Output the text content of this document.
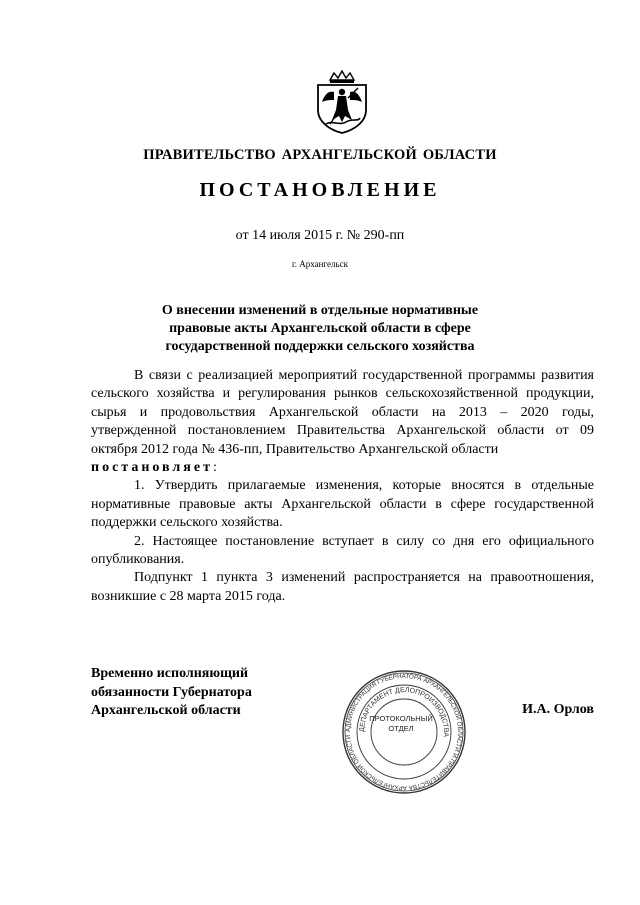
ПРАВИТЕЛЬСТВО АРХАНГЕЛЬСКОЙ ОБЛАСТИ
ПОСТАНОВЛЕНИЕ
от 14 июля 2015 г. № 290-пп
г. Архангельск
О внесении изменений в отдельные нормативные
правовые акты Архангельской области в сфере
государственной поддержки сельского хозяйства

В связи с реализацией мероприятий государственной программы развития сельского хозяйства и регулирования рынков сельскохозяйственной продукции, сырья и продовольствия Архангельской области на 2013 – 2020 годы, утвержденной постановлением Правительства Архангельской области от 09 октября 2012 года № 436-пп, Правительство Архангельской области

постановляет:

1. Утвердить прилагаемые изменения, которые вносятся в отдельные нормативные правовые акты Архангельской области в сфере государственной поддержки сельского хозяйства.

2. Настоящее постановление вступает в силу со дня его официального опубликования.

Подпункт 1 пункта 3 изменений распространяется на правоотношения, возникшие с 28 марта 2015 года.

Временно исполняющий
обязанности Губернатора
Архангельской области	И.А. Орлов
АДМИНИСТРАЦИЯ ГУБЕРНАТОРА АРХАНГЕЛЬСКОЙ ОБЛАСТИ И ПРАВИТЕЛЬСТВА АРХАНГЕЛЬСКОЙ ОБЛАСТИ
ДЕПАРТАМЕНТ ДЕЛОПРОИЗВОДСТВА
ПРОТОКОЛЬНЫЙ
ОТДЕЛ
